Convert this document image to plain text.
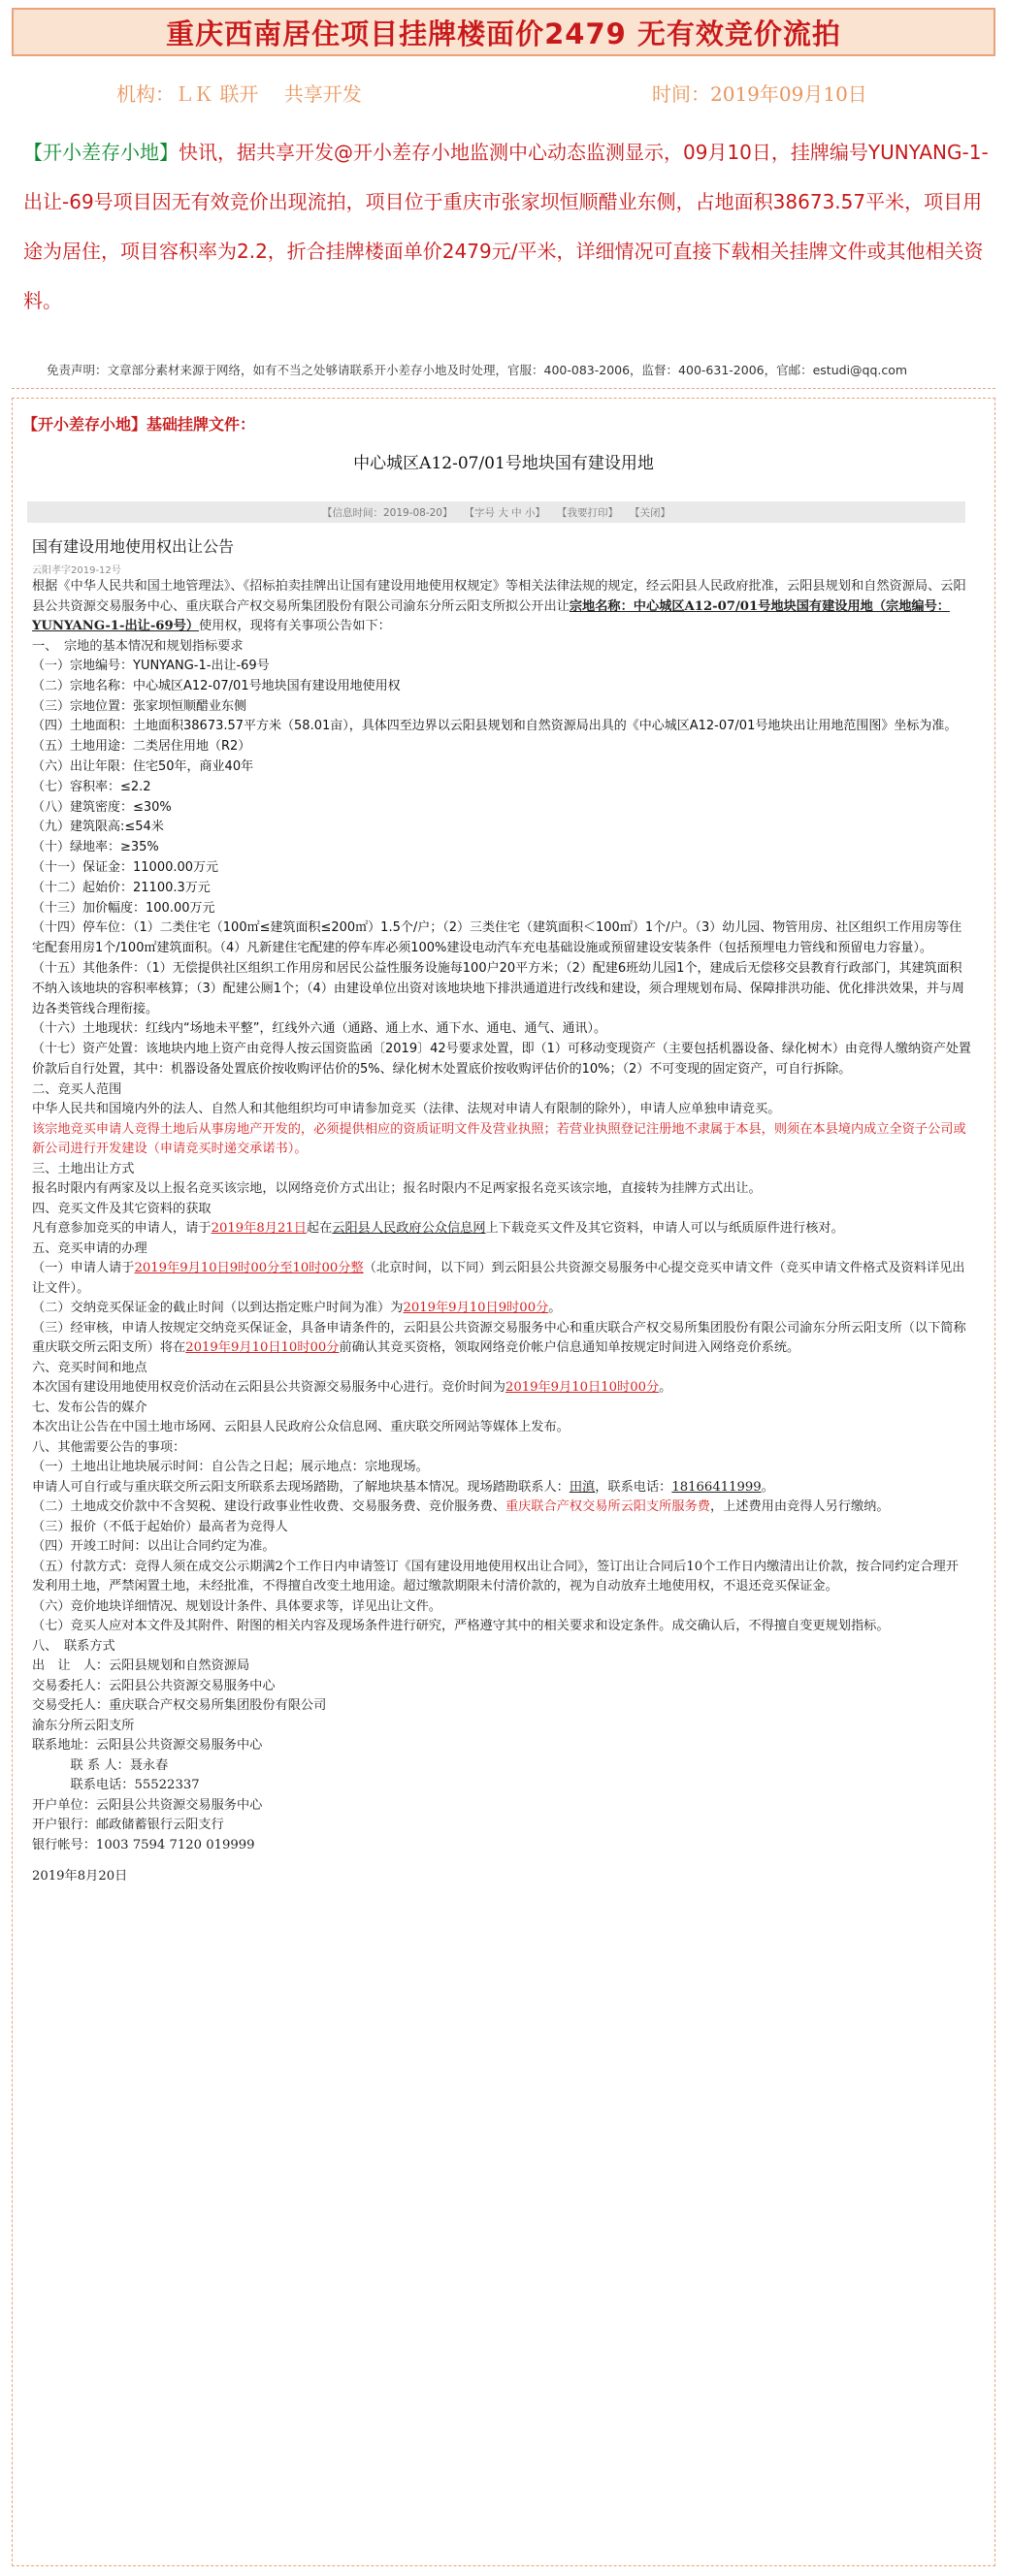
重庆西南居住项目挂牌楼面价2479 无有效竞价流拍
机构：ＬＫ 联开　 共享开发	时间：2019年09月10日
【开小差存小地】快讯，据共享开发@开小差存小地监测中心动态监测显示，09月10日，挂牌编号YUNYANG-1-出让-69号项目因无有效竞价出现流拍，项目位于重庆市张家坝恒顺醋业东侧，占地面积38673.57平米，项目用途为居住，项目容积率为2.2，折合挂牌楼面单价2479元/平米，详细情况可直接下载相关挂牌文件或其他相关资料。
免责声明：文章部分素材来源于网络，如有不当之处够请联系开小差存小地及时处理，官服：400-083-2006，监督：400-631-2006，官邮：estudi@qq.com
【开小差存小地】基础挂牌文件：
中心城区A12-07/01号地块国有建设用地
【信息时间：2019-08-20】 【字号 大 中 小】 【我要打印】 【关闭】
国有建设用地使用权出让公告
云阳孝字2019-12号

根据《中华人民共和国土地管理法》、《招标拍卖挂牌出让国有建设用地使用权规定》等相关法律法规的规定，经云阳县人民政府批准，云阳县规划和自然资源局、云阳县公共资源交易服务中心、重庆联合产权交易所集团股份有限公司渝东分所云阳支所拟公开出让宗地名称：中心城区A12-07/01号地块国有建设用地（宗地编号：YUNYANG-1-出让-69号）使用权，现将有关事项公告如下：

一、　宗地的基本情况和规划指标要求

（一）宗地编号：YUNYANG-1-出让-69号

（二）宗地名称：中心城区A12-07/01号地块国有建设用地使用权

（三）宗地位置：张家坝恒顺醋业东侧

（四）土地面积：土地面积38673.57平方米（58.01亩），具体四至边界以云阳县规划和自然资源局出具的《中心城区A12-07/01号地块出让用地范围图》坐标为准。

（五）土地用途：二类居住用地（R2）

（六）出让年限：住宅50年，商业40年

（七）容积率：≤2.2

（八）建筑密度：≤30%

（九）建筑限高:≤54米

（十）绿地率：≥35%

（十一）保证金：11000.00万元

（十二）起始价：21100.3万元

（十三）加价幅度：100.00万元

（十四）停车位：（1）二类住宅（100㎡≤建筑面积≤200㎡）1.5个/户；（2）三类住宅（建筑面积＜100㎡）1个/户。（3）幼儿园、物管用房、社区组织工作用房等住宅配套用房1个/100㎡建筑面积。（4）凡新建住宅配建的停车库必须100%建设电动汽车充电基础设施或预留建设安装条件（包括预埋电力管线和预留电力容量）。

（十五）其他条件：（1）无偿提供社区组织工作用房和居民公益性服务设施每100户20平方米；（2）配建6班幼儿园1个，建成后无偿移交县教育行政部门，其建筑面积不纳入该地块的容积率核算；（3）配建公厕1个；（4）由建设单位出资对该地块地下排洪通道进行改线和建设，须合理规划布局、保障排洪功能、优化排洪效果，并与周边各类管线合理衔接。

（十六）土地现状：红线内“场地未平整”，红线外六通（通路、通上水、通下水、通电、通气、通讯）。

（十七）资产处置：该地块内地上资产由竞得人按云国资监函〔2019〕42号要求处置，即（1）可移动变现资产（主要包括机器设备、绿化树木）由竞得人缴纳资产处置价款后自行处置，其中：机器设备处置底价按收购评估价的5%、绿化树木处置底价按收购评估价的10%；（2）不可变现的固定资产，可自行拆除。

二、竞买人范围

中华人民共和国境内外的法人、自然人和其他组织均可申请参加竞买（法律、法规对申请人有限制的除外），申请人应单独申请竞买。

该宗地竞买申请人竞得土地后从事房地产开发的，必须提供相应的资质证明文件及营业执照；若营业执照登记注册地不隶属于本县，则须在本县境内成立全资子公司或新公司进行开发建设（申请竞买时递交承诺书）。

三、土地出让方式

报名时限内有两家及以上报名竞买该宗地，以网络竞价方式出让；报名时限内不足两家报名竞买该宗地，直接转为挂牌方式出让。

四、竞买文件及其它资料的获取

凡有意参加竞买的申请人，请于2019年8月21日起在云阳县人民政府公众信息网上下载竞买文件及其它资料，申请人可以与纸质原件进行核对。

五、竞买申请的办理

（一）申请人请于2019年9月10日9时00分至10时00分整（北京时间，以下同）到云阳县公共资源交易服务中心提交竞买申请文件（竞买申请文件格式及资料详见出让文件）。

（二）交纳竞买保证金的截止时间（以到达指定账户时间为准）为2019年9月10日9时00分。

（三）经审核，申请人按规定交纳竞买保证金，具备申请条件的，云阳县公共资源交易服务中心和重庆联合产权交易所集团股份有限公司渝东分所云阳支所（以下简称重庆联交所云阳支所）将在2019年9月10日10时00分前确认其竞买资格，领取网络竞价帐户信息通知单按规定时间进入网络竞价系统。

六、竞买时间和地点

本次国有建设用地使用权竞价活动在云阳县公共资源交易服务中心进行。竞价时间为2019年9月10日10时00分。

七、发布公告的媒介

本次出让公告在中国土地市场网、云阳县人民政府公众信息网、重庆联交所网站等媒体上发布。

八、其他需要公告的事项：

（一）土地出让地块展示时间：自公告之日起；展示地点：宗地现场。

申请人可自行或与重庆联交所云阳支所联系去现场踏勘，了解地块基本情况。现场踏勘联系人：田滇，联系电话：18166411999。

（二）土地成交价款中不含契税、建设行政事业性收费、交易服务费、竞价服务费、重庆联合产权交易所云阳支所服务费，上述费用由竞得人另行缴纳。

（三）报价（不低于起始价）最高者为竞得人

（四）开竣工时间：以出让合同约定为准。

（五）付款方式：竞得人须在成交公示期满2个工作日内申请签订《国有建设用地使用权出让合同》，签订出让合同后10个工作日内缴清出让价款，按合同约定合理开发利用土地，严禁闲置土地，未经批准，不得擅自改变土地用途。超过缴款期限未付清价款的，视为自动放弃土地使用权，不退还竞买保证金。

（六）竞价地块详细情况、规划设计条件、具体要求等，详见出让文件。

（七）竞买人应对本文件及其附件、附图的相关内容及现场条件进行研究，严格遵守其中的相关要求和设定条件。成交确认后，不得擅自变更规划指标。

八、　联系方式

出　让　人：云阳县规划和自然资源局

交易委托人：云阳县公共资源交易服务中心

交易受托人：重庆联合产权交易所集团股份有限公司

渝东分所云阳支所

联系地址：云阳县公共资源交易服务中心

　　　联 系 人：聂永春

　　　联系电话：55522337

开户单位：云阳县公共资源交易服务中心

开户银行：邮政储蓄银行云阳支行

银行帐号：1003 7594 7120 019999

2019年8月20日
